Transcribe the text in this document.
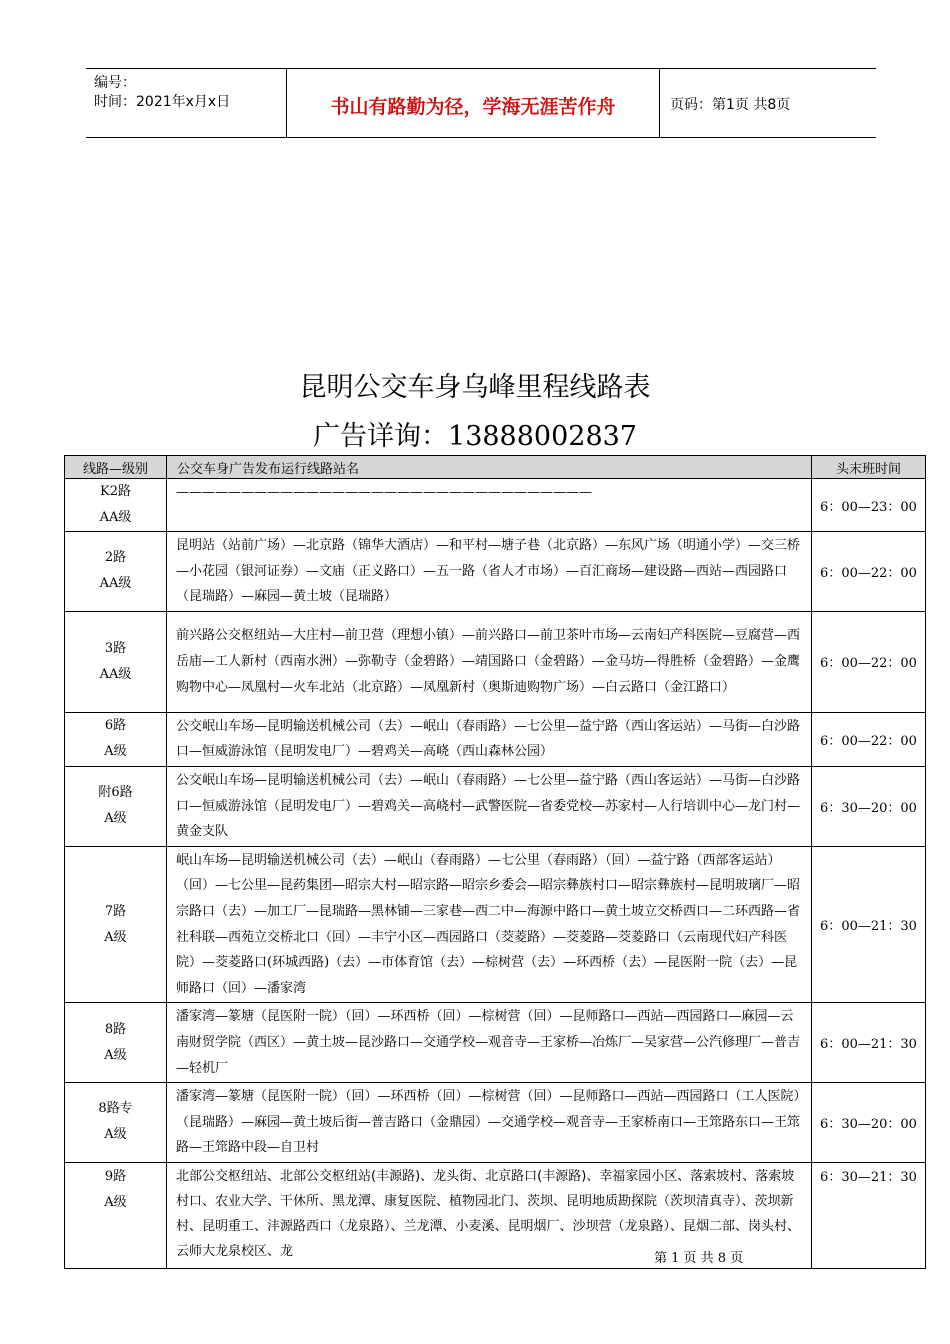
编号：
时间：2021年x月x日	书山有路勤为径，学海无涯苦作舟	页码：第1页 共8页
昆明公交车身乌峰里程线路表
广告详询：13888002837
线路—级别	公交车身广告发布运行线路站名	头末班时间
K2路
AA级	————————————————————————————————	6：00—23：00
2路
AA级	昆明站（站前广场）—北京路（锦华大酒店）—和平村—塘子巷（北京路）—东风广场（明通小学）—交三桥—小花园（银河证券）—文庙（正义路口）—五一路（省人才市场）—百汇商场—建设路—西站—西园路口（昆瑞路）—麻园—黄土坡（昆瑞路）	6：00—22：00
3路
AA级	前兴路公交枢纽站—大庄村—前卫营（理想小镇）—前兴路口—前卫茶叶市场—云南妇产科医院—豆腐营—西岳庙—工人新村（西南水洲）—弥勒寺（金碧路）—靖国路口（金碧路）—金马坊—得胜桥（金碧路）—金鹰购物中心—凤凰村—火车北站（北京路）—凤凰新村（奥斯迪购物广场）—白云路口（金江路口）	6：00—22：00
6路
A级	公交岷山车场—昆明输送机械公司（去）—岷山（春雨路）—七公里—益宁路（西山客运站）—马街—白沙路口—恒威游泳馆（昆明发电厂）—碧鸡关—高峣（西山森林公园）	6：00—22：00
附6路
A级	公交岷山车场—昆明输送机械公司（去）—岷山（春雨路）—七公里—益宁路（西山客运站）—马街—白沙路口—恒威游泳馆（昆明发电厂）—碧鸡关—高峣村—武警医院—省委党校—苏家村—人行培训中心—龙门村—黄金支队	6：30—20：00
7路
A级	岷山车场—昆明输送机械公司（去）—岷山（春雨路）—七公里（春雨路）（回）—益宁路（西部客运站）（回）—七公里—昆药集团—昭宗大村—昭宗路—昭宗乡委会—昭宗彝族村口—昭宗彝族村—昆明玻璃厂—昭宗路口（去）—加工厂—昆瑞路—黑林铺—三家巷—西二中—海源中路口—黄土坡立交桥西口—二环西路—省社科联—西苑立交桥北口（回）—丰宁小区—西园路口（茭菱路）—茭菱路—茭菱路口（云南现代妇产科医院）—茭菱路口(环城西路)（去）—市体育馆（去）—棕树营（去）—环西桥（去）—昆医附一院（去）—昆师路口（回）—潘家湾	6：00—21：30
8路
A级	潘家湾—篆塘（昆医附一院）（回）—环西桥（回）—棕树营（回）—昆师路口—西站—西园路口—麻园—云南财贸学院（西区）—黄土坡—昆沙路口—交通学校—观音寺—王家桥—冶炼厂—吴家营—公汽修理厂—普吉—轻机厂	6：00—21：30
8路专
A级	潘家湾—篆塘（昆医附一院）（回）—环西桥（回）—棕树营（回）—昆师路口—西站—西园路口（工人医院）（昆瑞路）—麻园—黄土坡后街—普吉路口（金鼎园）—交通学校—观音寺—王家桥南口—王筇路东口—王筇路—王筇路中段—自卫村	6：30—20：00
9路
A级	北部公交枢纽站、北部公交枢纽站(丰源路)、龙头街、北京路口(丰源路)、幸福家园小区、落索坡村、落索坡村口、农业大学、干休所、黑龙潭、康复医院、植物园北门、茨坝、昆明地质勘探院（茨坝清真寺）、茨坝新村、昆明重工、沣源路西口（龙泉路）、兰龙潭、小麦溪、昆明烟厂、沙坝营（龙泉路）、昆烟二部、岗头村、云师大龙泉校区、龙	6：30—21：30
第 1 页 共 8 页
